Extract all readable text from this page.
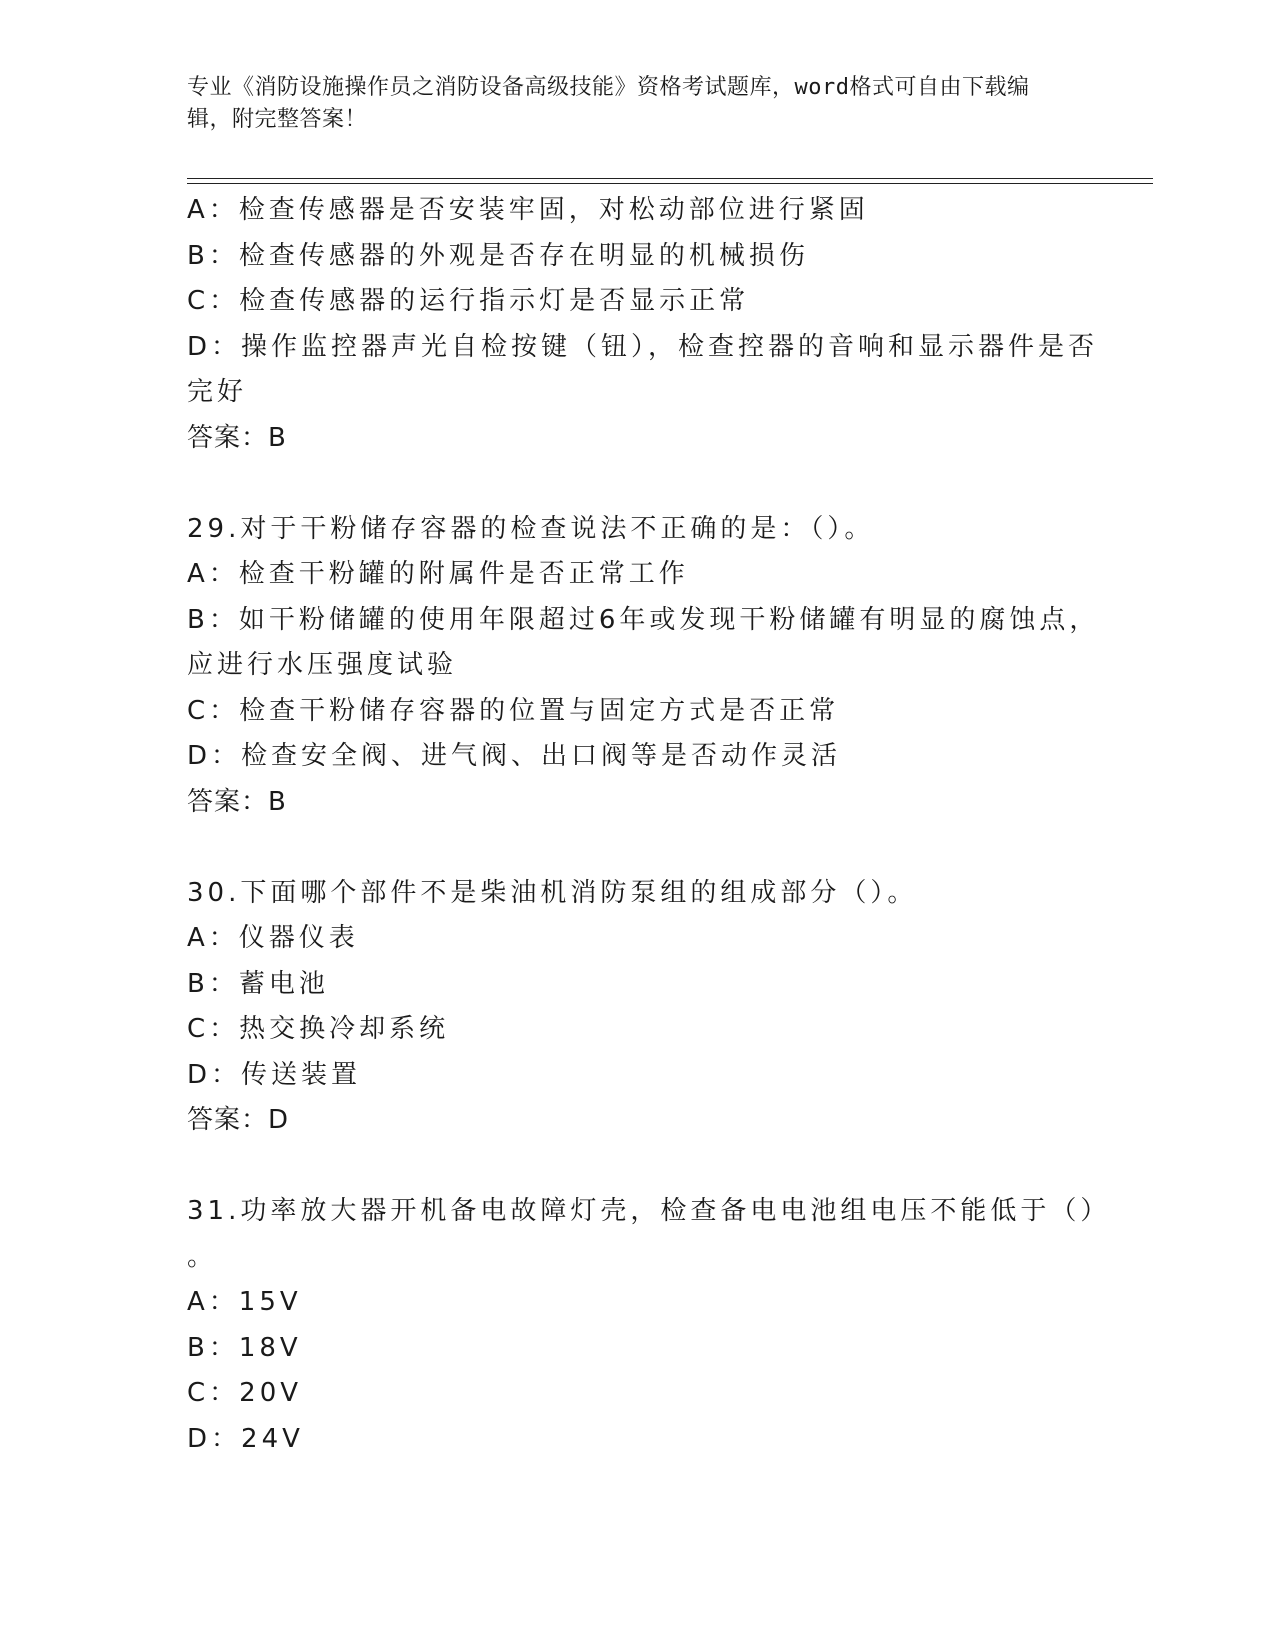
专业《消防设施操作员之消防设备高级技能》资格考试题库，word格式可自由下载编辑，附完整答案！
A：检查传感器是否安装牢固，对松动部位进行紧固
B：检查传感器的外观是否存在明显的机械损伤
C：检查传感器的运行指示灯是否显示正常
D：操作监控器声光自检按键（钮），检查控器的音响和显示器件是否
完好
答案：B
29.对于干粉储存容器的检查说法不正确的是：（）。
A：检查干粉罐的附属件是否正常工作
B：如干粉储罐的使用年限超过6年或发现干粉储罐有明显的腐蚀点，
应进行水压强度试验
C：检查干粉储存容器的位置与固定方式是否正常
D：检查安全阀、进气阀、出口阀等是否动作灵活
答案：B
30.下面哪个部件不是柴油机消防泵组的组成部分（）。
A：仪器仪表
B：蓄电池
C：热交换冷却系统
D：传送装置
答案：D
31.功率放大器开机备电故障灯壳，检查备电电池组电压不能低于（）
。
A：15V
B：18V
C：20V
D：24V
